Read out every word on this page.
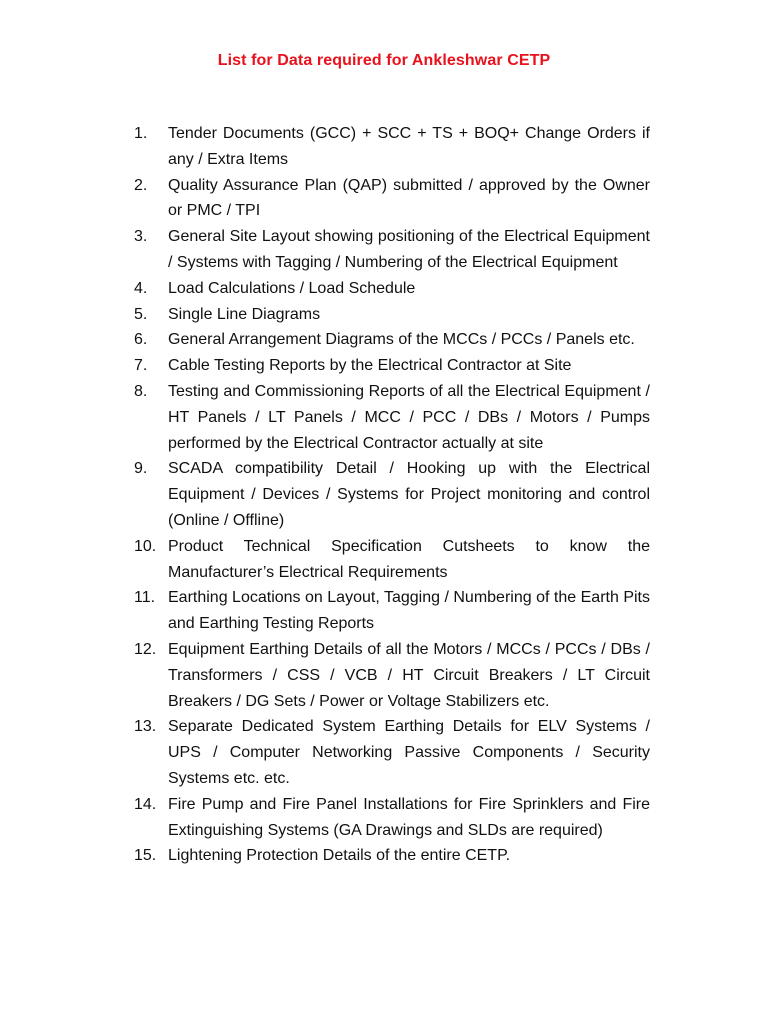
List for Data required for Ankleshwar CETP
1.	Tender Documents (GCC) + SCC + TS + BOQ+ Change Orders if any / Extra Items
2.	Quality Assurance Plan (QAP) submitted / approved by the Owner or PMC / TPI
3.	General Site Layout showing positioning of the Electrical Equipment / Systems with Tagging / Numbering of the Electrical Equipment
4.	Load Calculations / Load Schedule
5.	Single Line Diagrams
6.	General Arrangement Diagrams of the MCCs / PCCs / Panels etc.
7.	Cable Testing Reports by the Electrical Contractor at Site
8.	Testing and Commissioning Reports of all the Electrical Equipment / HT Panels / LT Panels / MCC / PCC / DBs / Motors / Pumps performed by the Electrical Contractor actually at site
9.	SCADA compatibility Detail / Hooking up with the Electrical Equipment / Devices / Systems for Project monitoring and control (Online / Offline)
10. Product Technical Specification Cutsheets to know the Manufacturer’s Electrical Requirements
11. Earthing Locations on Layout, Tagging / Numbering of the Earth Pits and Earthing Testing Reports
12. Equipment Earthing Details of all the Motors / MCCs / PCCs / DBs / Transformers / CSS / VCB / HT Circuit Breakers / LT Circuit Breakers / DG Sets / Power or Voltage Stabilizers etc.
13. Separate Dedicated System Earthing Details for ELV Systems / UPS / Computer Networking Passive Components / Security Systems etc. etc.
14. Fire Pump and Fire Panel Installations for Fire Sprinklers and Fire Extinguishing Systems (GA Drawings and SLDs are required)
15. Lightening Protection Details of the entire CETP.
